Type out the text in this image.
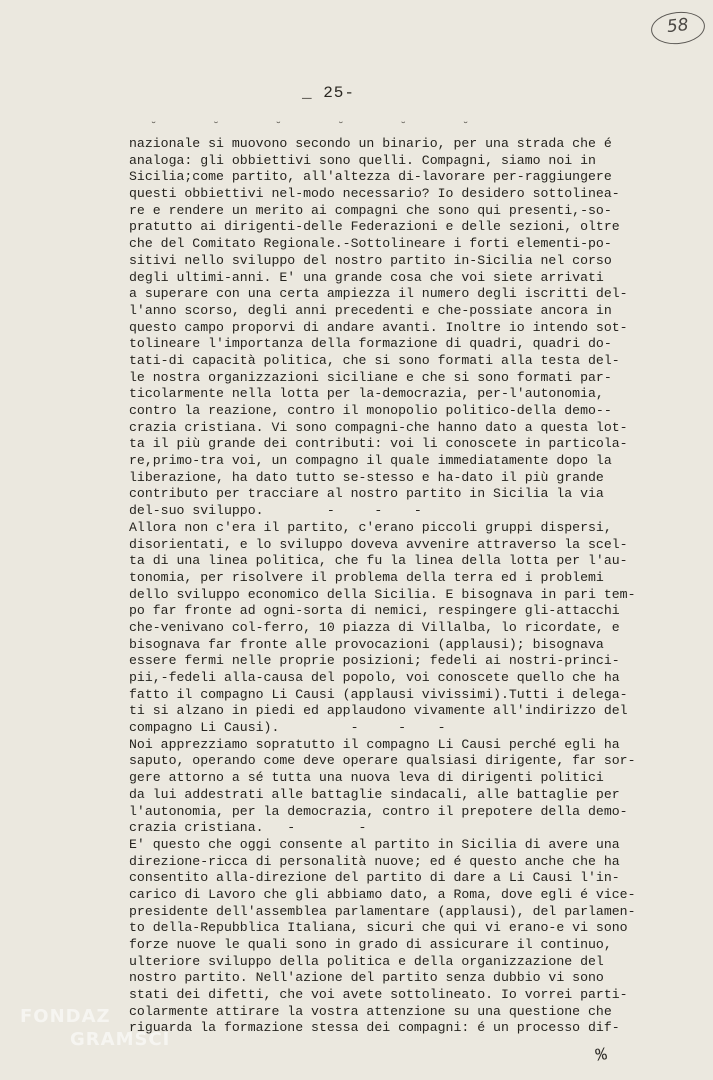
58
_ 25-
˘ ˘ ˘ ˘ ˘ ˘
nazionale si muovono secondo un binario, per una strada che é
analoga: gli obbiettivi sono quelli. Compagni, siamo noi in
Sicilia;come partito, all'altezza di-lavorare per-raggiungere
questi obbiettivi nel-modo necessario? Io desidero sottolinea-
re e rendere un merito ai compagni che sono qui presenti,-so-
pratutto ai dirigenti-delle Federazioni e delle sezioni, oltre
che del Comitato Regionale.-Sottolineare i forti elementi-po-
sitivi nello sviluppo del nostro partito in-Sicilia nel corso
degli ultimi-anni. E' una grande cosa che voi siete arrivati
a superare con una certa ampiezza il numero degli iscritti del-
l'anno scorso, degli anni precedenti e che-possiate ancora in
questo campo proporvi di andare avanti. Inoltre io intendo sot-
tolineare l'importanza della formazione di quadri, quadri do-
tati-di capacità politica, che si sono formati alla testa del-
le nostra organizzazioni siciliane e che si sono formati par-
ticolarmente nella lotta per la-democrazia, per-l'autonomia,
contro la reazione, contro il monopolio politico-della demo--
crazia cristiana. Vi sono compagni-che hanno dato a questa lot-
ta il più grande dei contributi: voi li conoscete in particola-
re,primo-tra voi, un compagno il quale immediatamente dopo la
liberazione, ha dato tutto se-stesso e ha-dato il più grande
contributo per tracciare al nostro partito in Sicilia la via
del-suo sviluppo.        -     -    -
Allora non c'era il partito, c'erano piccoli gruppi dispersi,
disorientati, e lo sviluppo doveva avvenire attraverso la scel-
ta di una linea politica, che fu la linea della lotta per l'au-
tonomia, per risolvere il problema della terra ed i problemi
dello sviluppo economico della Sicilia. E bisognava in pari tem-
po far fronte ad ogni-sorta di nemici, respingere gli-attacchi
che-venivano col-ferro, 10 piazza di Villalba, lo ricordate, e
bisognava far fronte alle provocazioni (applausi); bisognava
essere fermi nelle proprie posizioni; fedeli ai nostri-princi-
pii,-fedeli alla-causa del popolo, voi conoscete quello che ha
fatto il compagno Li Causi (applausi vivissimi).Tutti i delega-
ti si alzano in piedi ed applaudono vivamente all'indirizzo del
compagno Li Causi).         -     -    -
Noi apprezziamo sopratutto il compagno Li Causi perché egli ha
saputo, operando come deve operare qualsiasi dirigente, far sor-
gere attorno a sé tutta una nuova leva di dirigenti politici
da lui addestrati alle battaglie sindacali, alle battaglie per
l'autonomia, per la democrazia, contro il prepotere della demo-
crazia cristiana.   -        -
E' questo che oggi consente al partito in Sicilia di avere una
direzione-ricca di personalità nuove; ed é questo anche che ha
consentito alla-direzione del partito di dare a Li Causi l'in-
carico di Lavoro che gli abbiamo dato, a Roma, dove egli é vice-
presidente dell'assemblea parlamentare (applausi), del parlamen-
to della-Repubblica Italiana, sicuri che qui vi erano-e vi sono
forze nuove le quali sono in grado di assicurare il continuo,
ulteriore sviluppo della politica e della organizzazione del
nostro partito. Nell'azione del partito senza dubbio vi sono
stati dei difetti, che voi avete sottolineato. Io vorrei parti-
colarmente attirare la vostra attenzione su una questione che
riguarda la formazione stessa dei compagni: é un processo dif-
%
FONDAZ
GRAMSCI
